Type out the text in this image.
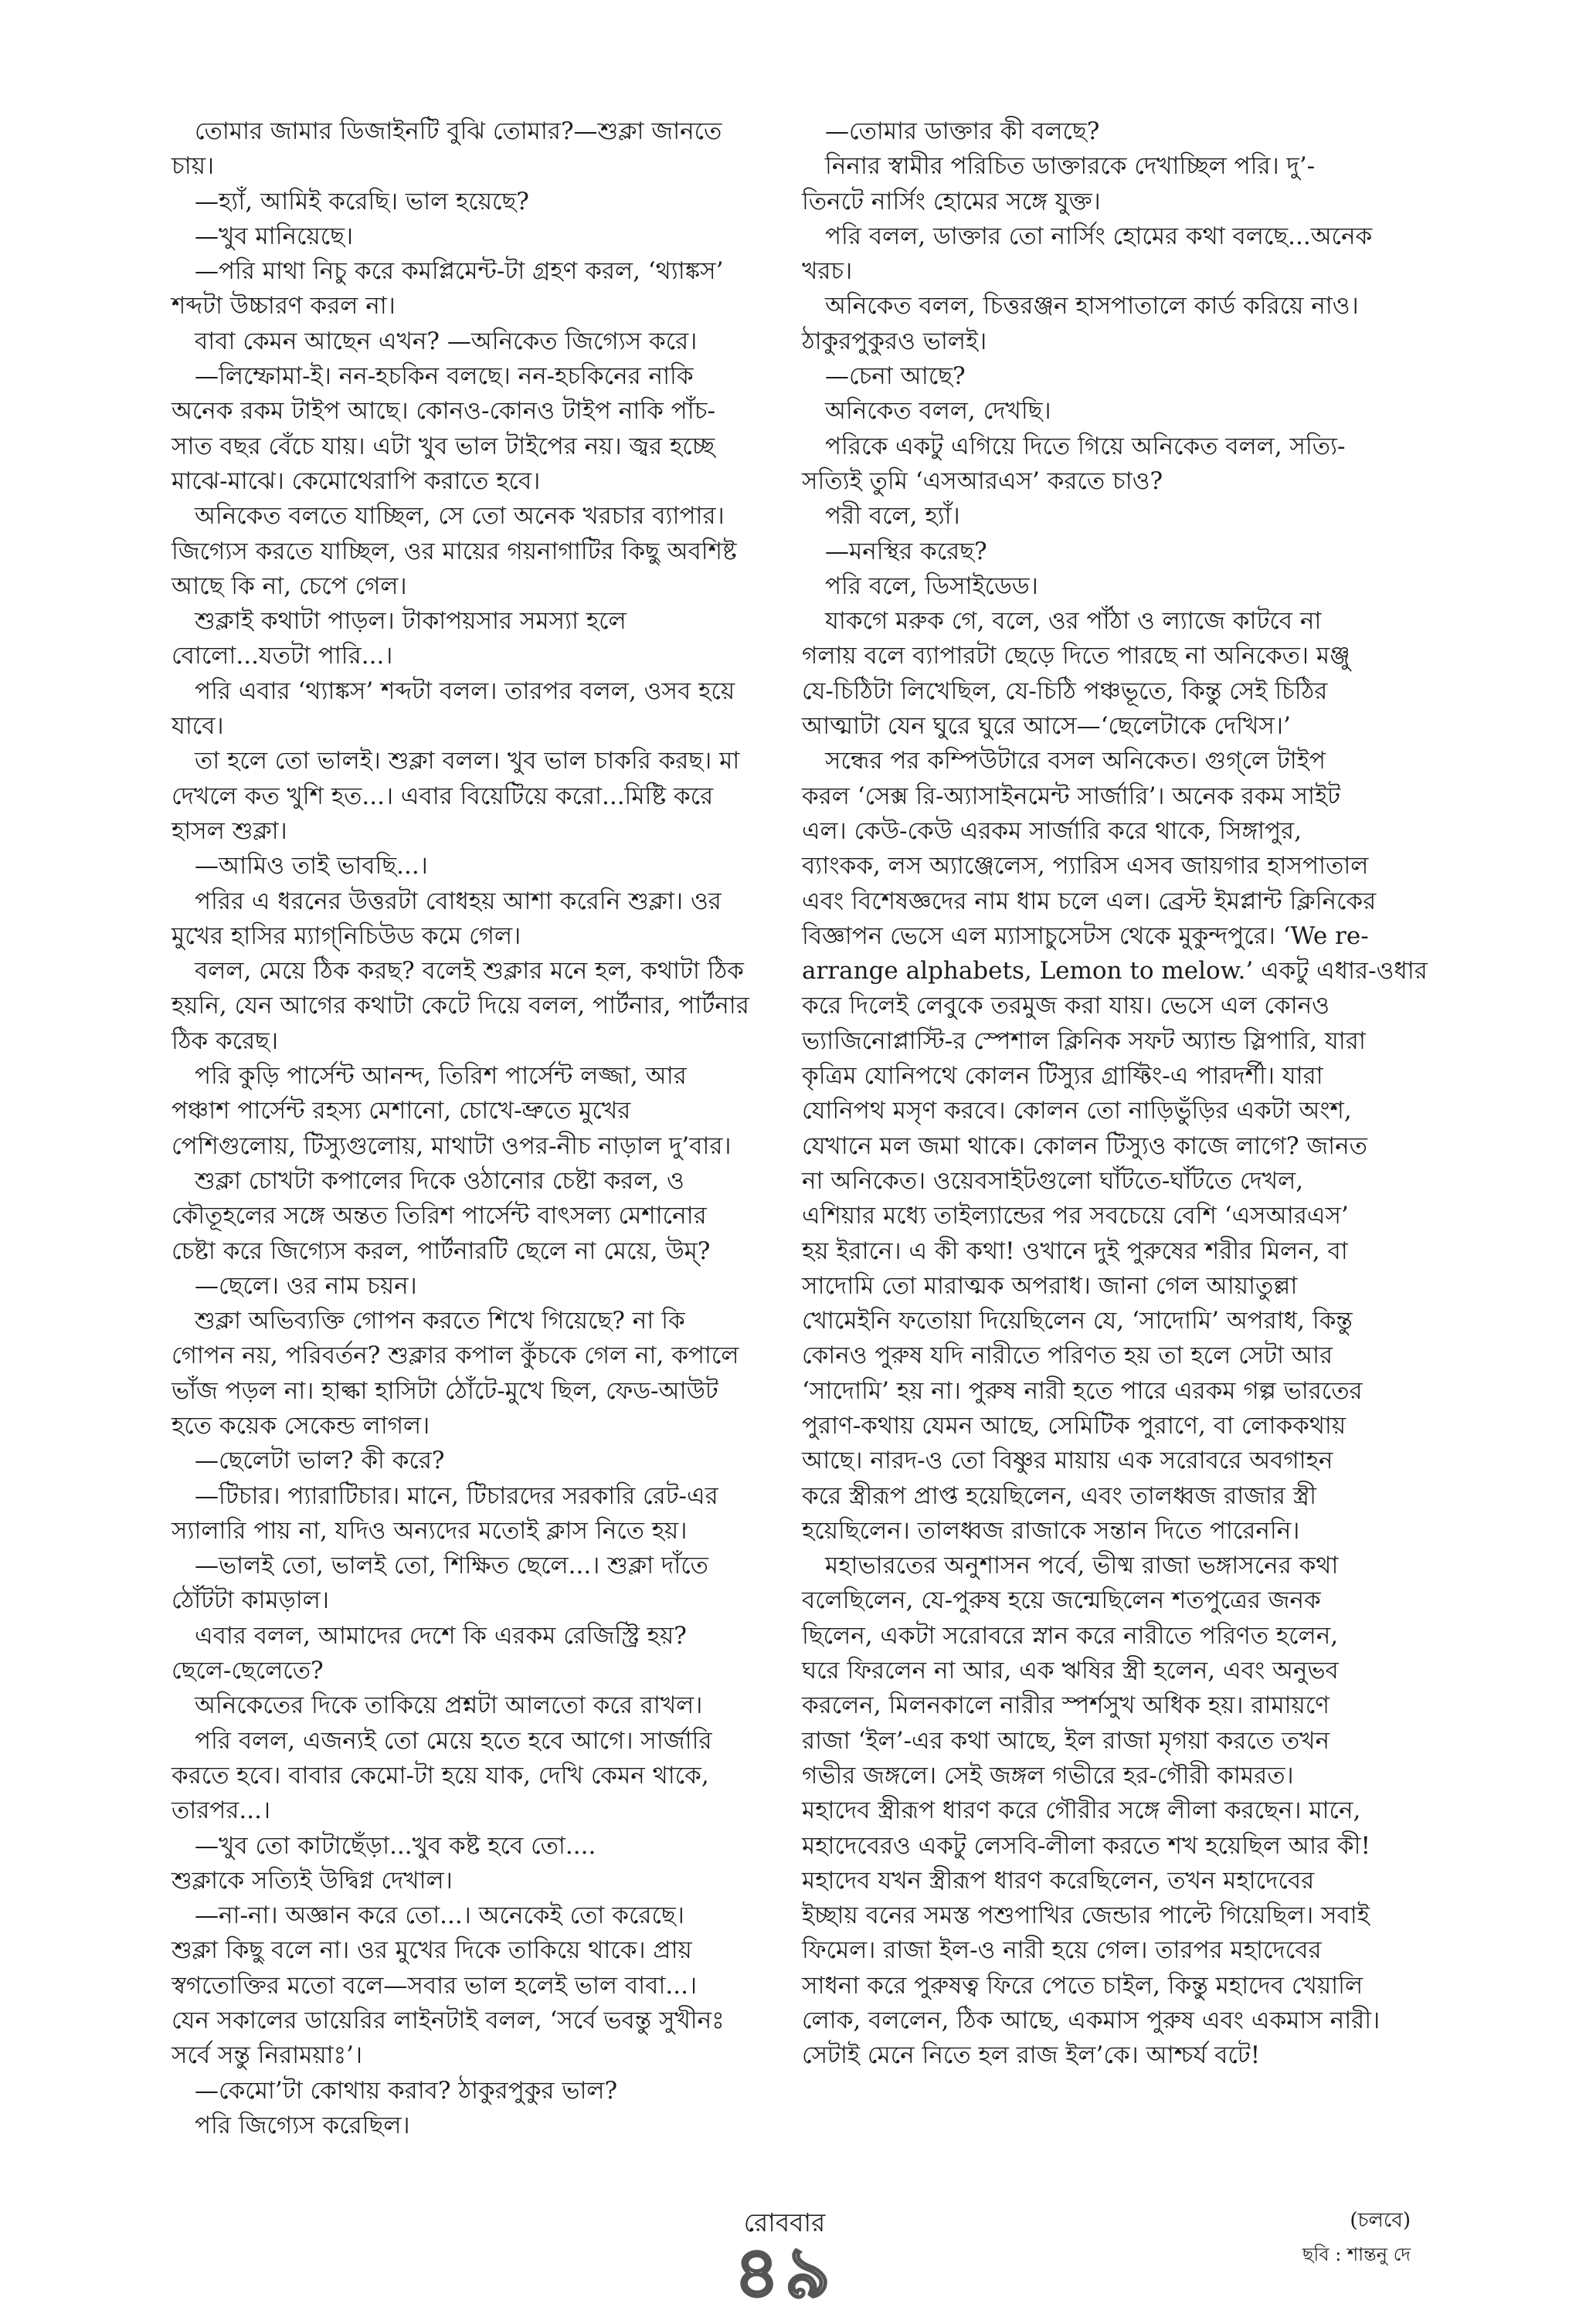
তোমার জামার ডিজাইনটি বুঝি তোমার?—শুক্লা জানতে
চায়।
—হ্যাঁ, আমিই করেছি। ভাল হয়েছে?
—খুব মানিয়েছে।
—পরি মাথা নিচু করে কমপ্লিমেন্ট-টা গ্রহণ করল, ‘থ্যাঙ্কস’
শব্দটা উচ্চারণ করল না।
বাবা কেমন আছেন এখন? —অনিকেত জিগ্যেস করে।
—লিম্ফোমা-ই। নন-হচকিন বলছে। নন-হচকিনের নাকি
অনেক রকম টাইপ আছে। কোনও-কোনও টাইপ নাকি পাঁচ-
সাত বছর বেঁচে যায়। এটা খুব ভাল টাইপের নয়। জ্বর হচ্ছে
মাঝে-মাঝে। কেমোথেরাপি করাতে হবে।
অনিকেত বলতে যাচ্ছিল, সে তো অনেক খরচার ব্যাপার।
জিগ্যেস করতে যাচ্ছিল, ওর মায়ের গয়নাগাটির কিছু অবশিষ্ট
আছে কি না, চেপে গেল।
শুক্লাই কথাটা পাড়ল। টাকাপয়সার সমস্যা হলে
বোলো...যতটা পারি...।
পরি এবার ‘থ্যাঙ্কস’ শব্দটা বলল। তারপর বলল, ওসব হয়ে
যাবে।
তা হলে তো ভালই। শুক্লা বলল। খুব ভাল চাকরি করছ। মা
দেখলে কত খুশি হত...। এবার বিয়েটিয়ে করো...মিষ্টি করে
হাসল শুক্লা।
—আমিও তাই ভাবছি...।
পরির এ ধরনের উত্তরটা বোধহয় আশা করেনি শুক্লা। ওর
মুখের হাসির ম্যাগ্‌নিচিউড কমে গেল।
বলল, মেয়ে ঠিক করছ? বলেই শুক্লার মনে হল, কথাটা ঠিক
হয়নি, যেন আগের কথাটা কেটে দিয়ে বলল, পার্টনার, পার্টনার
ঠিক করেছ।
পরি কুড়ি পার্সেন্ট আনন্দ, তিরিশ পার্সেন্ট লজ্জা, আর
পঞ্চাশ পার্সেন্ট রহস্য মেশানো, চোখে-ভ্রুতে মুখের
পেশিগুলোয়, টিস্যুগুলোয়, মাথাটা ওপর-নীচ নাড়াল দু’বার।
শুক্লা চোখটা কপালের দিকে ওঠানোর চেষ্টা করল, ও
কৌতূহলের সঙ্গে অন্তত তিরিশ পার্সেন্ট বাৎসল্য মেশানোর
চেষ্টা করে জিগ্যেস করল, পার্টনারটি ছেলে না মেয়ে, উম্?
—ছেলে। ওর নাম চয়ন।
শুক্লা অভিব্যক্তি গোপন করতে শিখে গিয়েছে? না কি
গোপন নয়, পরিবর্তন? শুক্লার কপাল কুঁচকে গেল না, কপালে
ভাঁজ পড়ল না। হাল্কা হাসিটা ঠোঁটে-মুখে ছিল, ফেড-আউট
হতে কয়েক সেকেন্ড লাগল।
—ছেলেটা ভাল? কী করে?
—টিচার। প্যারাটিচার। মানে, টিচারদের সরকারি রেট-এর
স্যালারি পায় না, যদিও অন্যদের মতোই ক্লাস নিতে হয়।
—ভালই তো, ভালই তো, শিক্ষিত ছেলে...। শুক্লা দাঁতে
ঠোঁটটা কামড়াল।
এবার বলল, আমাদের দেশে কি এরকম রেজিস্ট্রি হয়?
ছেলে-ছেলেতে?
অনিকেতের দিকে তাকিয়ে প্রশ্নটা আলতো করে রাখল।
পরি বলল, এজন্যই তো মেয়ে হতে হবে আগে। সার্জারি
করতে হবে। বাবার কেমো-টা হয়ে যাক, দেখি কেমন থাকে,
তারপর...।
—খুব তো কাটাছেঁড়া...খুব কষ্ট হবে তো....
শুক্লাকে সত্যিই উদ্বিগ্ন দেখাল।
—না-না। অজ্ঞান করে তো...। অনেকেই তো করেছে।
শুক্লা কিছু বলে না। ওর মুখের দিকে তাকিয়ে থাকে। প্রায়
স্বগতোক্তির মতো বলে—সবার ভাল হলেই ভাল বাবা...।
যেন সকালের ডায়েরির লাইনটাই বলল, ‘সর্বে ভবন্তু সুখীনঃ
সর্বে সন্তু নিরাময়াঃ’।
—কেমো’টা কোথায় করাব? ঠাকুরপুকুর ভাল?
পরি জিগ্যেস করেছিল।
—তোমার ডাক্তার কী বলছে?
নিনার স্বামীর পরিচিত ডাক্তারকে দেখাচ্ছিল পরি। দু’-
তিনটে নার্সিং হোমের সঙ্গে যুক্ত।
পরি বলল, ডাক্তার তো নার্সিং হোমের কথা বলছে...অনেক
খরচ।
অনিকেত বলল, চিত্তরঞ্জন হাসপাতালে কার্ড করিয়ে নাও।
ঠাকুরপুকুরও ভালই।
—চেনা আছে?
অনিকেত বলল, দেখছি।
পরিকে একটু এগিয়ে দিতে গিয়ে অনিকেত বলল, সত্যি-
সত্যিই তুমি ‘এসআরএস’ করতে চাও?
পরী বলে, হ্যাঁ।
—মনস্থির করেছ?
পরি বলে, ডিসাইডেড।
যাকগে মরুক গে, বলে, ওর পাঁঠা ও ল্যাজে কাটবে না
গলায় বলে ব্যাপারটা ছেড়ে দিতে পারছে না অনিকেত। মঞ্জু
যে-চিঠিটা লিখেছিল, যে-চিঠি পঞ্চভূতে, কিন্তু সেই চিঠির
আত্মাটা যেন ঘুরে ঘুরে আসে—‘ছেলেটাকে দেখিস।’
সন্ধের পর কম্পিউটারে বসল অনিকেত। গুগ্‌লে টাইপ
করল ‘সেক্স রি-অ্যাসাইনমেন্ট সার্জারি’। অনেক রকম সাইট
এল। কেউ-কেউ এরকম সার্জারি করে থাকে, সিঙ্গাপুর,
ব্যাংকক, লস অ্যাঞ্জেলেস, প্যারিস এসব জায়গার হাসপাতাল
এবং বিশেষজ্ঞদের নাম ধাম চলে এল। ব্রেস্ট ইমপ্লান্ট ক্লিনিকের
বিজ্ঞাপন ভেসে এল ম্যাসাচুসেটস থেকে মুকুন্দপুরে। ‘We re-
arrange alphabets, Lemon to melow.’ একটু এধার-ওধার
করে দিলেই লেবুকে তরমুজ করা যায়। ভেসে এল কোনও
ভ্যাজিনোপ্লাস্টি-র স্পেশাল ক্লিনিক সফট অ্যান্ড স্লিপারি, যারা
কৃত্রিম যোনিপথে কোলন টিস্যুর গ্রাফ্টিং-এ পারদর্শী। যারা
যোনিপথ মসৃণ করবে। কোলন তো নাড়িভুঁড়ির একটা অংশ,
যেখানে মল জমা থাকে। কোলন টিস্যুও কাজে লাগে? জানত
না অনিকেত। ওয়েবসাইটগুলো ঘাঁটতে-ঘাঁটতে দেখল,
এশিয়ার মধ্যে তাইল্যান্ডের পর সবচেয়ে বেশি ‘এসআরএস’
হয় ইরানে। এ কী কথা! ওখানে দুই পুরুষের শরীর মিলন, বা
সাদোমি তো মারাত্মক অপরাধ। জানা গেল আয়াতুল্লা
খোমেইনি ফতোয়া দিয়েছিলেন যে, ‘সাদোমি’ অপরাধ, কিন্তু
কোনও পুরুষ যদি নারীতে পরিণত হয় তা হলে সেটা আর
‘সাদোমি’ হয় না। পুরুষ নারী হতে পারে এরকম গল্প ভারতের
পুরাণ-কথায় যেমন আছে, সেমিটিক পুরাণে, বা লোককথায়
আছে। নারদ-ও তো বিষ্ণুর মায়ায় এক সরোবরে অবগাহন
করে স্ত্রীরূপ প্রাপ্ত হয়েছিলেন, এবং তালধ্বজ রাজার স্ত্রী
হয়েছিলেন। তালধ্বজ রাজাকে সন্তান দিতে পারেননি।
মহাভারতের অনুশাসন পর্বে, ভীষ্ম রাজা ভঙ্গাসনের কথা
বলেছিলেন, যে-পুরুষ হয়ে জন্মেছিলেন শতপুত্রের জনক
ছিলেন, একটা সরোবরে স্নান করে নারীতে পরিণত হলেন,
ঘরে ফিরলেন না আর, এক ঋষির স্ত্রী হলেন, এবং অনুভব
করলেন, মিলনকালে নারীর স্পর্শসুখ অধিক হয়। রামায়ণে
রাজা ‘ইল’-এর কথা আছে, ইল রাজা মৃগয়া করতে তখন
গভীর জঙ্গলে। সেই জঙ্গল গভীরে হর-গৌরী কামরত।
মহাদেব স্ত্রীরূপ ধারণ করে গৌরীর সঙ্গে লীলা করছেন। মানে,
মহাদেবেরও একটু লেসবি-লীলা করতে শখ হয়েছিল আর কী!
মহাদেব যখন স্ত্রীরূপ ধারণ করেছিলেন, তখন মহাদেবের
ইচ্ছায় বনের সমস্ত পশুপাখির জেন্ডার পাল্টে গিয়েছিল। সবাই
ফিমেল। রাজা ইল-ও নারী হয়ে গেল। তারপর মহাদেবের
সাধনা করে পুরুষত্ব ফিরে পেতে চাইল, কিন্তু মহাদেব খেয়ালি
লোক, বললেন, ঠিক আছে, একমাস পুরুষ এবং একমাস নারী।
সেটাই মেনে নিতে হল রাজ ইল’কে। আশ্চর্য বটে!
(চলবে)
ছবি : শান্তনু দে
রোববার
৪৯
